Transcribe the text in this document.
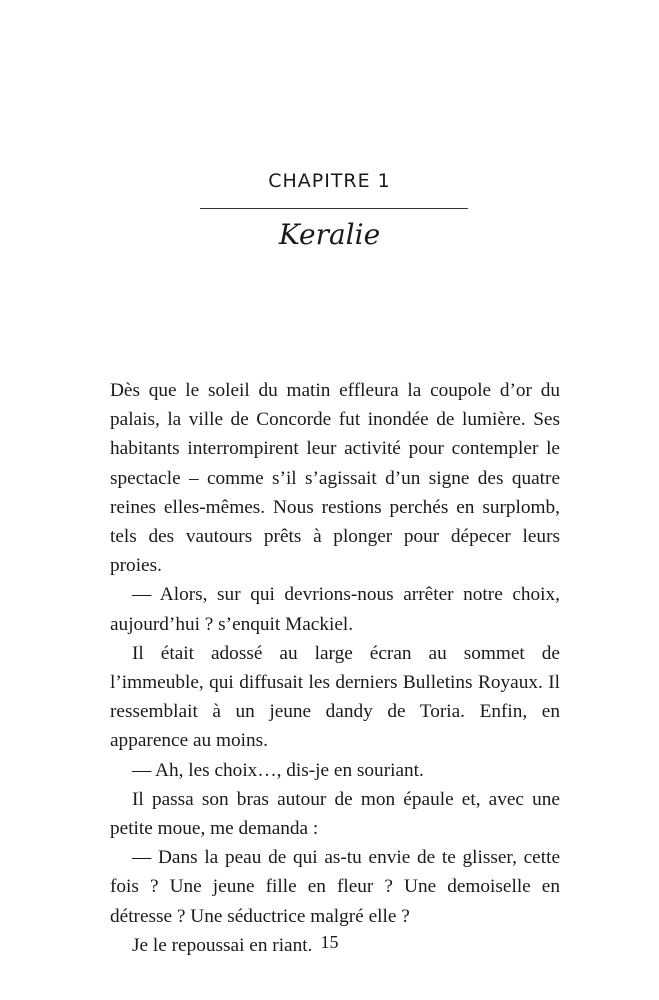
CHAPITRE 1
Keralie

Dès que le soleil du matin effleura la coupole d’or du palais, la ville de Concorde fut inondée de lumière. Ses habitants interrompirent leur activité pour contempler le spectacle – comme s’il s’agissait d’un signe des quatre reines elles-mêmes. Nous restions perchés en surplomb, tels des vautours prêts à plonger pour dépecer leurs proies.

— Alors, sur qui devrions-nous arrêter notre choix, aujourd’hui ? s’enquit Mackiel.

Il était adossé au large écran au sommet de l’immeuble, qui diffusait les derniers Bulletins Royaux. Il ressemblait à un jeune dandy de Toria. Enfin, en apparence au moins.

— Ah, les choix…, dis-je en souriant.

Il passa son bras autour de mon épaule et, avec une petite moue, me demanda :

— Dans la peau de qui as-tu envie de te glisser, cette fois ? Une jeune fille en fleur ? Une demoiselle en détresse ? Une séductrice malgré elle ?

Je le repoussai en riant. 15
